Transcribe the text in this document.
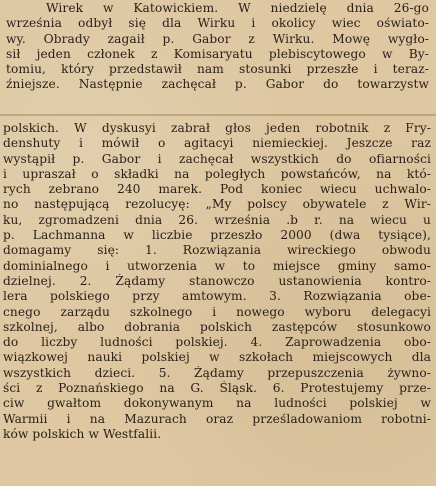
Wirek w Katowickiem. W niedzielę dnia 26-go
września odbył się dla Wirku i okolicy wiec oświato-
wy. Obrady zagaił p. Gabor z Wirku. Mowę wygło-
sił jeden członek z Komisaryatu plebiscytowego w By-
tomiu, który przedstawił nam stosunki przeszłe i teraz-
źniejsze. Następnie zachęcał p. Gabor do towarzystw
polskich. W dyskusyi zabrał głos jeden robotnik z Fry-
denshuty i mówił o agitacyi niemieckiej. Jeszcze raz
wystąpił p. Gabor i zachęcał wszystkich do ofiarności
i upraszał o składki na poległych powstańców, na któ-
rych zebrano 240 marek. Pod koniec wiecu uchwalo-
no następującą rezolucyę: „My polscy obywatele z Wir-
ku, zgromadzeni dnia 26. września .b r. na wiecu u
p. Lachmanna w liczbie przeszło 2000 (dwa tysiące),
domagamy się: 1. Rozwiązania wireckiego obwodu
dominialnego i utworzenia w to miejsce gminy samo-
dzielnej. 2. Żądamy stanowczo ustanowienia kontro-
lera polskiego przy amtowym. 3. Rozwiązania obe-
cnego zarządu szkolnego i nowego wyboru delegacyi
szkolnej, albo dobrania polskich zastępców stosunkowo
do liczby ludności polskiej. 4. Zaprowadzenia obo-
wiązkowej nauki polskiej w szkołach miejscowych dla
wszystkich dzieci. 5. Żądamy przepuszczenia żywno-
ści z Poznańskiego na G. Śląsk. 6. Protestujemy prze-
ciw gwałtom dokonywanym na ludności polskiej w
Warmii i na Mazurach oraz prześladowaniom robotni-
ków polskich w Westfalii.
